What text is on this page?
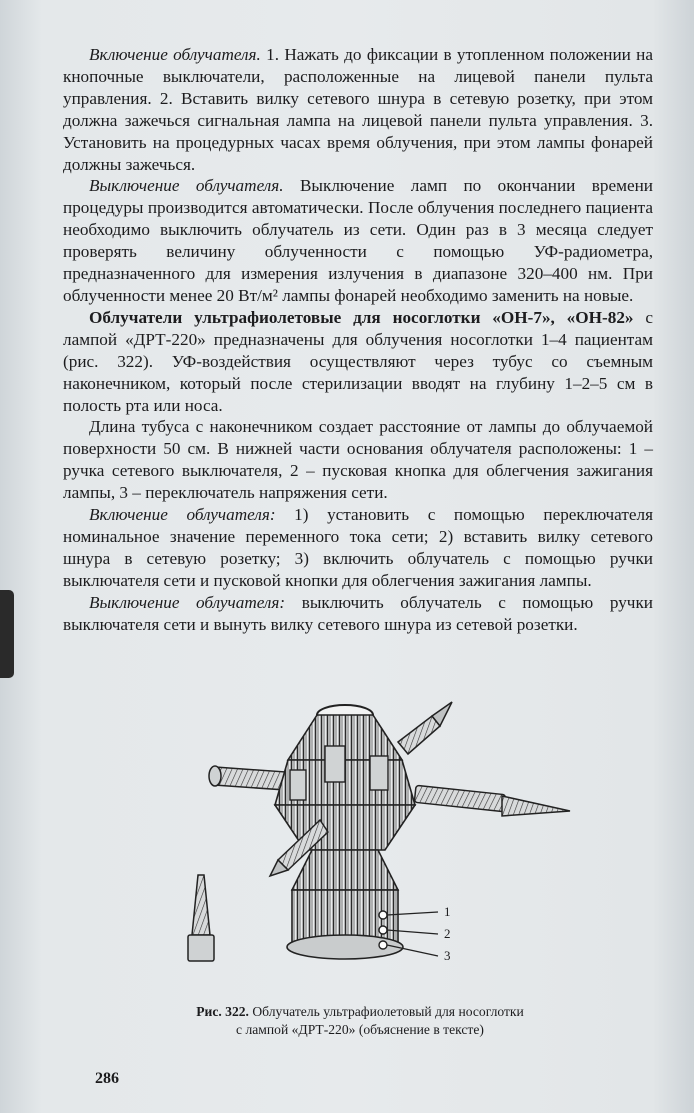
Включение облучателя. 1. Нажать до фиксации в утопленном положении на кнопочные выключатели, расположенные на лицевой панели пульта управления. 2. Вставить вилку сетевого шнура в сетевую розетку, при этом должна зажечься сигнальная лампа на лицевой панели пульта управления. 3. Установить на процедурных часах время облучения, при этом лампы фонарей должны зажечься.

Выключение облучателя. Выключение ламп по окончании времени процедуры производится автоматически. После облучения последнего пациента необходимо выключить облучатель из сети. Один раз в 3 месяца следует проверять величину облученности с помощью УФ-радиометра, предназначенного для измерения излучения в диапазоне 320–400 нм. При облученности менее 20 Вт/м² лампы фонарей необходимо заменить на новые.

Облучатели ультрафиолетовые для носоглотки «ОН-7», «ОН-82» с лампой «ДРТ-220» предназначены для облучения носоглотки 1–4 пациентам (рис. 322). УФ-воздействия осуществляют через тубус со съемным наконечником, который после стерилизации вводят на глубину 1–2–5 см в полость рта или носа.

Длина тубуса с наконечником создает расстояние от лампы до облучаемой поверхности 50 см. В нижней части основания облучателя расположены: 1 – ручка сетевого выключателя, 2 – пусковая кнопка для облегчения зажигания лампы, 3 – переключатель напряжения сети.

Включение облучателя: 1) установить с помощью переключателя номинальное значение переменного тока сети; 2) вставить вилку сетевого шнура в сетевую розетку; 3) включить облучатель с помощью ручки выключателя сети и пусковой кнопки для облегчения зажигания лампы.

Выключение облучателя: выключить облучатель с помощью ручки выключателя сети и вынуть вилку сетевого шнура из сетевой розетки.

1
2
3
Рис. 322. Облучатель ультрафиолетовый для носоглотки
с лампой «ДРТ-220» (объяснение в тексте)
286
